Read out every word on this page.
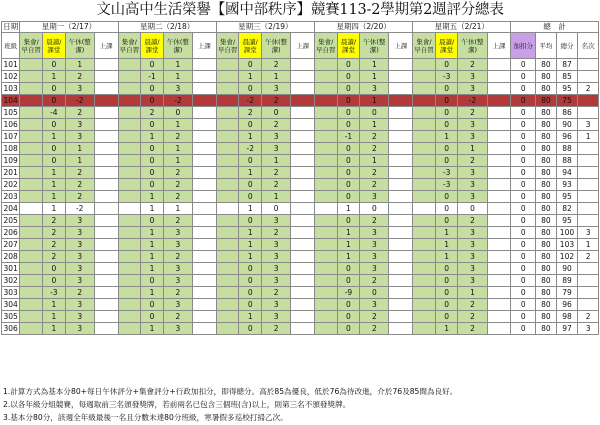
文山高中生活榮譽【國中部秩序】競賽113-2學期第2週評分總表
日期	星期一（2/17）				星期二（2/18）				星期三（2/19）				星期四（2/20）				星期五（2/21）				總　計			
班級	集會/早自習	晨讀/課堂	午休(整潔)	上課	集會/早自習	晨讀/課堂	午休(整潔)	上課	集會/早自習	晨讀/課堂	午休(整潔)	上課	集會/早自習	晨讀/課堂	午休(整潔)	上課	集會/早自習	晨讀/課堂	午休(整潔)	上課	加扣分	平均	總分	名次
101		0	1			0	1			0	2			0	1			0	2		0	80	87	
102		1	2			-1	1			1	1			0	1			-3	3		0	80	85	
103		0	3			0	3			0	3			0	3			0	3		0	80	95	2
104		0	-2			0	-2			-2	2			0	1			0	-2		0	80	75	
105		-4	2			2	0			2	0			0	0			0	2		0	80	86	
106		0	3			0	1			0	2			0	1			0	3		0	80	90	3
107		1	3			1	2			1	3			-1	2			1	3		0	80	96	1
108		0	1			0	1			-2	3			0	2			0	1		0	80	88	
109		0	1			0	1			0	1			0	1			0	2		0	80	88	
201		1	2			0	2			1	2			0	2			-3	3		0	80	94	
202		1	2			0	2			0	2			0	2			-3	3		0	80	93	
203		1	2			1	2			0	1			0	3			0	3		0	80	95	
204		1	-2			1	1			1	0			1	0			0	0		0	80	82	
205		2	3			0	2			0	3			0	2			0	2		0	80	95	
206		2	3			1	3			1	2			1	3			1	3		0	80	100	3
207		2	3			1	3			1	3			1	3			1	3		0	80	103	1
208		2	3			1	2			1	3			1	3			1	3		0	80	102	2
301		0	3			1	3			0	3			0	3			0	3		0	80	90	
302		0	3			0	3			0	3			0	2			0	3		0	80	89	
303		-3	2			1	2			0	2			-9	0			0	1		0	80	79	
304		1	3			0	3			0	3			0	3			0	2		0	80	96	
305		1	3			0	2			1	3			0	2			0	2		0	80	98	2
306		1	3			1	3			0	2			0	2			1	2		0	80	97	3
1.計算方式為基本分80+每日午休評分+集會評分+行政加扣分，即得總分。高於85為優良，低於76為待改進，介於76及85間為良好。
2.以各年級分組競賽，每週取前三名頒發獎牌，若前兩名已包含三個班(含)以上，則第三名不頒發獎牌。
3.基本分80分，該週全年級最後一名且分數未達80分班級，寒暑假多巡校打掃乙次。
